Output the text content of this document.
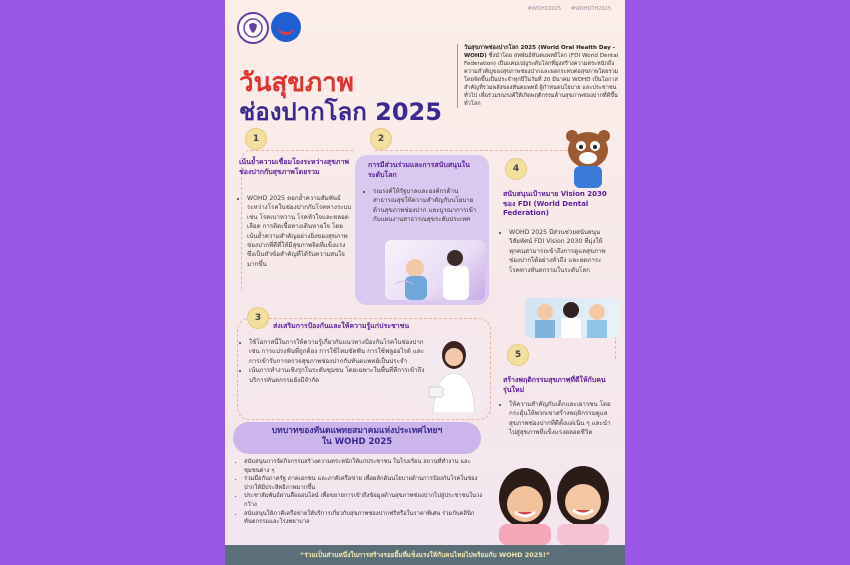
#WOHD2025 #WOHDTH2025
วันสุขภาพ
ช่องปากโลก 2025
วันสุขภาพช่องปากโลก 2025 (World Oral Health Day - WOHD) ซึ่งนำโดย สหพันธ์ทันตแพทย์โลก (FDI World Dental Federation) เป็นแคมเปญระดับโลกที่มุ่งสร้างความตระหนักถึงความสำคัญของสุขภาพช่องปากและผลกระทบต่อสุขภาพโดยรวม โดยจัดขึ้นเป็นประจำทุกปีในวันที่ 20 มีนาคม WOHD เป็นโอกาสสำคัญที่รวมพลังของทันตแพทย์ ผู้กำหนดนโยบาย และประชาชนทั่วไป เพื่อร่วมรณรงค์ให้เกิดพฤติกรรมด้านสุขภาพช่องปากที่ดีขึ้นทั่วโลก
1
เน้นย้ำความเชื่อมโยงระหว่างสุขภาพช่องปากกับสุขภาพโดยรวม
• WOHD 2025 ตอกย้ำความสัมพันธ์ระหว่างโรคในช่องปากกับโรคทางระบบ เช่น โรคเบาหวาน โรคหัวใจและหลอดเลือด การติดเชื้อทางเดินหายใจ โดยเน้นย้ำความสำคัญอย่างยิ่งของสุขภาพช่องปากที่ดีที่ให้มีสุขภาพจิตที่แข็งแรง ซึ่งเป็นหัวข้อสำคัญที่ได้รับความสนใจมากขึ้น
2
การมีส่วนร่วมและการสนับสนุนในระดับโลก
• รณรงค์ให้รัฐบาลและองค์กรด้านสาธารณสุขให้ความสำคัญกับนโยบายด้านสุขภาพช่องปาก และบูรณาการเข้ากับแผนงานสาธารณสุขระดับประเทศ
4
สนับสนุนเป้าหมาย Vision 2030 ของ FDI (World Dental Federation)
• WOHD 2025 มีส่วนช่วยสนับสนุนวิสัยทัศน์ FDI Vision 2030 ที่มุ่งให้ทุกคนสามารถเข้าถึงการดูแลสุขภาพช่องปากได้อย่างทั่วถึง และลดภาระโรคทางทันตกรรมในระดับโลก
3
ส่งเสริมการป้องกันและให้ความรู้แก่ประชาชน
• ใช้โอกาสนี้ในการให้ความรู้เกี่ยวกับแนวทางป้องกันโรคในช่องปาก เช่น การแปรงฟันที่ถูกต้อง การใช้ไหมขัดฟัน การใช้ฟลูออไรด์ และการเข้ารับการตรวจสุขภาพช่องปากกับทันตแพทย์เป็นประจำ
• เน้นการทำงานเชิงรุกในระดับชุมชน โดยเฉพาะในพื้นที่ที่การเข้าถึงบริการทันตกรรมยังมีจำกัด
5
สร้างพฤติกรรมสุขภาพที่ดีให้กับคนรุ่นใหม่
• ให้ความสำคัญกับเด็กและเยาวชน โดยกระตุ้นให้พวกเขาสร้างพฤติกรรมดูแลสุขภาพช่องปากที่ดีตั้งแต่เนิ่น ๆ และนำไปสู่สุขภาพที่แข็งแรงตลอดชีวิต
บทบาทของทันตแพทยสมาคมแห่งประเทศไทยฯ
ใน WOHD 2025
• สนับสนุนการจัดกิจกรรมสร้างความตระหนักให้แก่ประชาชน ในโรงเรียน สถานที่ทำงาน และชุมชนต่าง ๆ
• ร่วมมือกับภาครัฐ ภาคเอกชน และภาคีเครือข่าย เพื่อผลักดันนโยบายด้านการป้องกันโรคในช่องปากให้มีประสิทธิภาพมากขึ้น
• ประชาสัมพันธ์ผ่านสื่อออนไลน์ เพื่อขยายการเข้าถึงข้อมูลด้านสุขภาพช่องปากไปสู่ประชาชนในวงกว้าง
• สนับสนุนให้ภาคีเครือข่ายให้บริการเกี่ยวกับสุขภาพช่องปากฟรีหรือในราคาพิเศษ ร่วมกับคลินิกทันตกรรมและโรงพยาบาล
“ร่วมเป็นส่วนหนึ่งในการสร้างรอยยิ้มที่แข็งแรงให้กับคนไทยไปพร้อมกับ WOHD 2025!”
